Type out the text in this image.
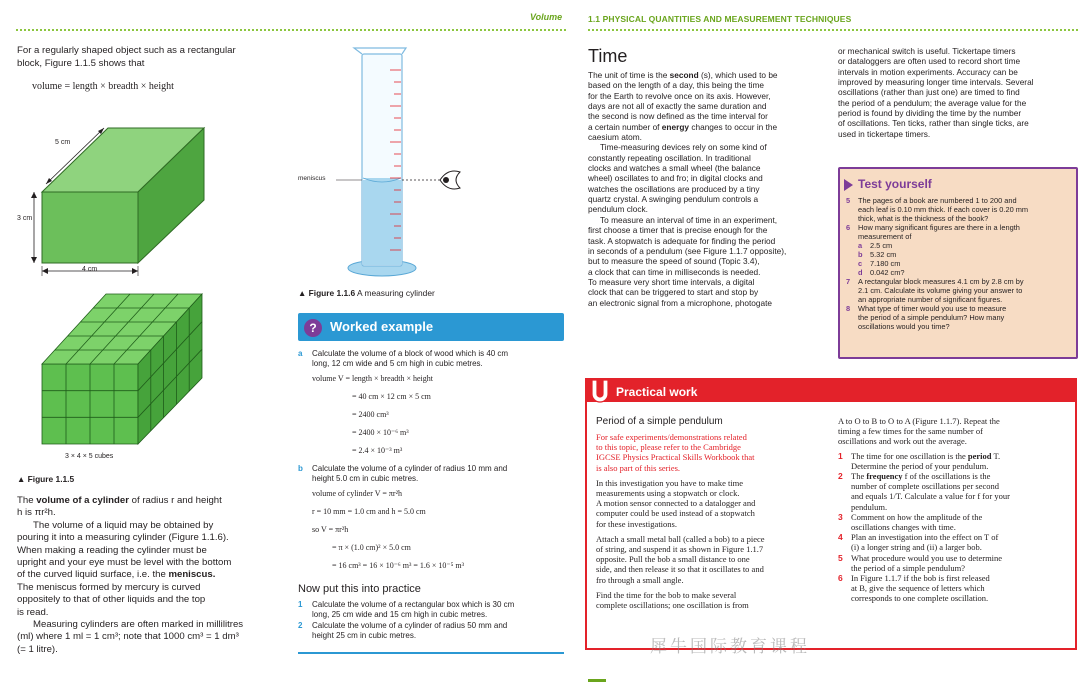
Volume	1.1 PHYSICAL QUANTITIES AND MEASUREMENT TECHNIQUES

For a regularly shaped object such as a rectangular

block, Figure 1.1.5 shows that

volume = length × breadth × height
5 cm
3 cm
4 cm
3 × 4 × 5 cubes
▲ Figure 1.1.5
The volume of a cylinder of radius r and height
h is πr²h.
The volume of a liquid may be obtained by
pouring it into a measuring cylinder (Figure 1.1.6).
When making a reading the cylinder must be
upright and your eye must be level with the bottom
of the curved liquid surface, i.e. the meniscus.
The meniscus formed by mercury is curved
oppositely to that of other liquids and the top
is read.
Measuring cylinders are often marked in millilitres
(ml) where 1 ml = 1 cm³; note that 1000 cm³ = 1 dm³
(= 1 litre).
meniscus
▲ Figure 1.1.6 A measuring cylinder
?	Worked example
a Calculate the volume of a block of wood which is 40 cm
long, 12 cm wide and 5 cm high in cubic metres.
volume V = length × breadth × height
= 40 cm × 12 cm × 5 cm
= 2400 cm³
= 2400 × 10⁻⁶ m³
= 2.4 × 10⁻³ m³
b Calculate the volume of a cylinder of radius 10 mm and
height 5.0 cm in cubic metres.
volume of cylinder V = πr²h
r = 10 mm = 1.0 cm and h = 5.0 cm
so V = πr²h
= π × (1.0 cm)² × 5.0 cm
= 16 cm³ = 16 × 10⁻⁶ m³ = 1.6 × 10⁻⁵ m³
Now put this into practice
1 Calculate the volume of a rectangular box which is 30 cm
long, 25 cm wide and 15 cm high in cubic metres.
2 Calculate the volume of a cylinder of radius 50 mm and
height 25 cm in cubic metres.
Time
The unit of time is the second (s), which used to be
based on the length of a day, this being the time
for the Earth to revolve once on its axis. However,
days are not all of exactly the same duration and
the second is now defined as the time interval for
a certain number of energy changes to occur in the
caesium atom.
Time-measuring devices rely on some kind of
constantly repeating oscillation. In traditional
clocks and watches a small wheel (the balance
wheel) oscillates to and fro; in digital clocks and
watches the oscillations are produced by a tiny
quartz crystal. A swinging pendulum controls a
pendulum clock.
To measure an interval of time in an experiment,
first choose a timer that is precise enough for the
task. A stopwatch is adequate for finding the period
in seconds of a pendulum (see Figure 1.1.7 opposite),
but to measure the speed of sound (Topic 3.4),
a clock that can time in milliseconds is needed.
To measure very short time intervals, a digital
clock that can be triggered to start and stop by
an electronic signal from a microphone, photogate
or mechanical switch is useful. Tickertape timers
or dataloggers are often used to record short time
intervals in motion experiments. Accuracy can be
improved by measuring longer time intervals. Several
oscillations (rather than just one) are timed to find
the period of a pendulum; the average value for the
period is found by dividing the time by the number
of oscillations. Ten ticks, rather than single ticks, are
used in tickertape timers.
Test yourself
5 The pages of a book are numbered 1 to 200 and
each leaf is 0.10 mm thick. If each cover is 0.20 mm
thick, what is the thickness of the book?
6 How many significant figures are there in a length
measurement of
a 2.5 cm
b 5.32 cm
c 7.180 cm
d 0.042 cm?
7 A rectangular block measures 4.1 cm by 2.8 cm by
2.1 cm. Calculate its volume giving your answer to
an appropriate number of significant figures.
8 What type of timer would you use to measure
the period of a simple pendulum? How many
oscillations would you time?
Practical work
Period of a simple pendulum
For safe experiments/demonstrations related
to this topic, please refer to the Cambridge
IGCSE Physics Practical Skills Workbook that
is also part of this series.
In this investigation you have to make time
measurements using a stopwatch or clock.
A motion sensor connected to a datalogger and
computer could be used instead of a stopwatch
for these investigations.
Attach a small metal ball (called a bob) to a piece
of string, and suspend it as shown in Figure 1.1.7
opposite. Pull the bob a small distance to one
side, and then release it so that it oscillates to and
fro through a small angle.
Find the time for the bob to make several
complete oscillations; one oscillation is from
A to O to B to O to A (Figure 1.1.7). Repeat the
timing a few times for the same number of
oscillations and work out the average.
1 The time for one oscillation is the period T.
Determine the period of your pendulum.
2 The frequency f of the oscillations is the
number of complete oscillations per second
and equals 1/T. Calculate a value for f for your
pendulum.
3 Comment on how the amplitude of the
oscillations changes with time.
4 Plan an investigation into the effect on T of
(i) a longer string and (ii) a larger bob.
5 What procedure would you use to determine
the period of a simple pendulum?
6 In Figure 1.1.7 if the bob is first released
at B, give the sequence of letters which
corresponds to one complete oscillation.
犀牛国际教育课程
